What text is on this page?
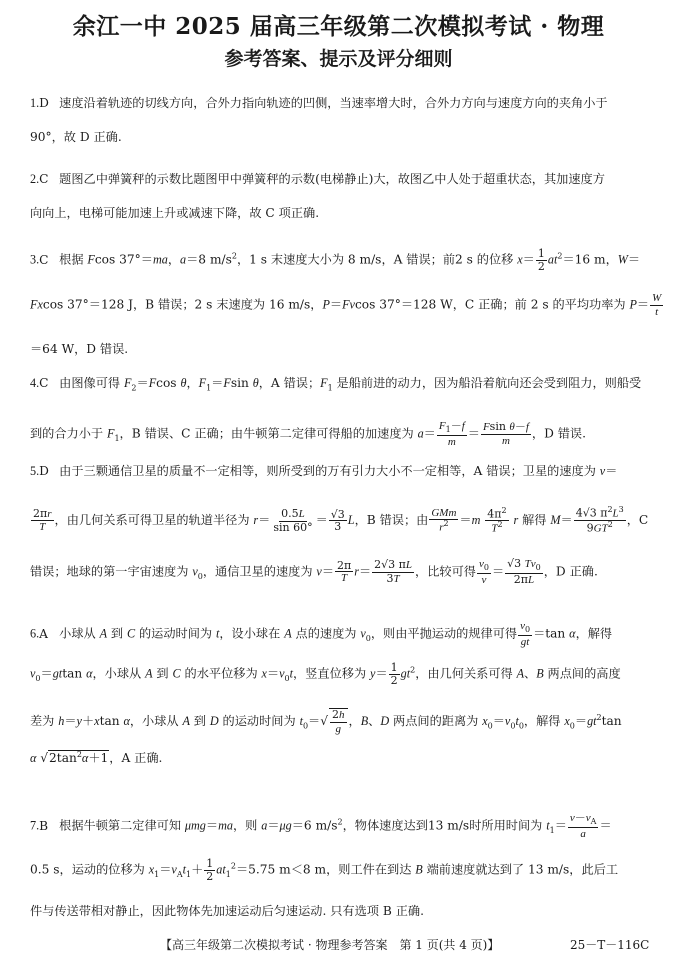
余江一中 2025 届高三年级第二次模拟考试 · 物理
参考答案、提示及评分细则
1.D 速度沿着轨迹的切线方向，合外力指向轨迹的凹侧，当速率增大时，合外力方向与速度方向的夹角小于
90°，故 D 正确.
2.C 题图乙中弹簧秤的示数比题图甲中弹簧秤的示数(电梯静止)大，故图乙中人处于超重状态，其加速度方
向向上，电梯可能加速上升或减速下降，故 C 项正确.
3.C 根据 Fcos 37°＝ma，a＝8 $m/s^2$，1 s 末速度大小为 8 m/s，A 错误；前2 s 的位移 $x= \frac{1}{2} at^2=16$ m，W＝
Fxcos 37°＝128 J，B 错误；2 s 末速度为 16 m/s，P＝Fvcos 37°＝128 W，C 正确；前 2 s 的平均功率为 $P= \frac{W}{t}$
＝64 W，D 错误.
4.C 由图像可得 $F_2=Fcos$ θ，$F_1=Fsin$ θ，A 错误；$F_1$ 是船前进的动力，因为船沿着航向还会受到阻力，则船受
到的合力小于 $F_1$，B 错误、C 正确；由牛顿第二定律可得船的加速度为 $a= \frac{F_1-f}{m} = \frac{\text{Fsin θ－f}}{m}$ ，D 错误.
5.D 由于三颗通信卫星的质量不一定相等，则所受到的万有引力大小不一定相等，A 错误；卫星的速度为 v＝
$\frac{2\pi r}{T}$ ，由几何关系可得卫星的轨道半径为 $r= \frac{0.5L}{\sin 60^\circ} = \frac{√3}{3}$ L，B 错误；由 $\frac{\text{GMm}}{r^2} =m \frac{4\pi^2}{T^2}$ r 解得 $M= \frac{4√3 \pi^2L^3}{9GT^2}$ ，C
错误；地球的第一宇宙速度为 $v_0$，通信卫星的速度为 $v= \frac{2\pi}{T} r= \frac{2√3 \pi L}{3T}$ ，比较可得 $\frac{v_0}{v} = \frac{√3 Tv_0}{2\pi L}$ ，D 正确.
6.A 小球从 A 到 C 的运动时间为 t，设小球在 A 点的速度为 $v_0$，则由平抛运动的规律可得 $\frac{v_0}{gt} =\tan$ α，解得
$v_0=gttan$ α，小球从 A 到 C 的水平位移为 $x=v_0t$，竖直位移为 $y= \frac{1}{2} gt^2$，由几何关系可得 A、B 两点间的高度
差为 h＝y＋xtan α，小球从 A 到 D 的运动时间为 $t_0=√ \frac{2h}{g}$ ，B、D 两点间的距离为 $x_0=v_0t_0$，解得 $x_0=gt^2\tan$
α $√2\tan^2\alpha+1$，A 正确.
7.B 根据牛顿第二定律可知 μmg＝ma，则 a＝μg＝6 $m/s^2$，物体速度达到13 m/s时所用时间为 $t_1= \frac{v-v_A}{a}$ ＝
0.5 s，运动的位移为 $x_1=v_At_1+ \frac{1}{2} at_1^2=5.75$ m＜8 m，则工件在到达 B 端前速度就达到了 13 m/s，此后工
件与传送带相对静止，因此物体先加速运动后匀速运动. 只有选项 B 正确.
【高三年级第二次模拟考试 · 物理参考答案　第 1 页(共 4 页)】	25－T－116C
